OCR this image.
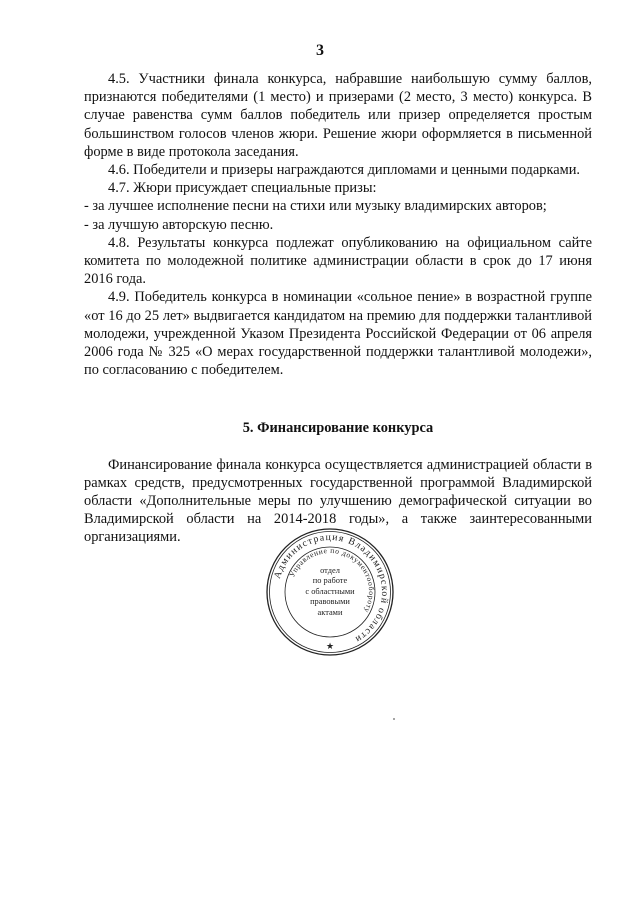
3

4.5. Участники финала конкурса, набравшие наибольшую сумму баллов, признаются победителями (1 место) и призерами (2 место, 3 место) конкурса. В случае равенства сумм баллов победитель или призер определяется простым большинством голосов членов жюри. Решение жюри оформляется в письменной форме в виде протокола заседания.

4.6. Победители и призеры награждаются дипломами и ценными подарками.

4.7. Жюри присуждает специальные призы:

- за лучшее исполнение песни на стихи или музыку владимирских авторов;

- за лучшую авторскую песню.

4.8. Результаты конкурса подлежат опубликованию на официальном сайте комитета по молодежной политике администрации области в срок до 17 июня 2016 года.

4.9. Победитель конкурса в номинации «сольное пение» в возрастной группе «от 16 до 25 лет» выдвигается кандидатом на премию для поддержки талантливой молодежи, учрежденной Указом Президента Российской Федерации от 06 апреля 2006 года № 325 «О мерах государственной поддержки талантливой молодежи», по согласованию с победителем.

5. Финансирование конкурса

Финансирование финала конкурса осуществляется администрацией области в рамках средств, предусмотренных государственной программой Владимирской области «Дополнительные меры по улучшению демографической ситуации во Владимирской области на 2014-2018 годы», а также заинтересованными организациями.

Администрация Владимирской области
Управление по документообороту
★
отдел
по работе
с областными
правовыми
актами
